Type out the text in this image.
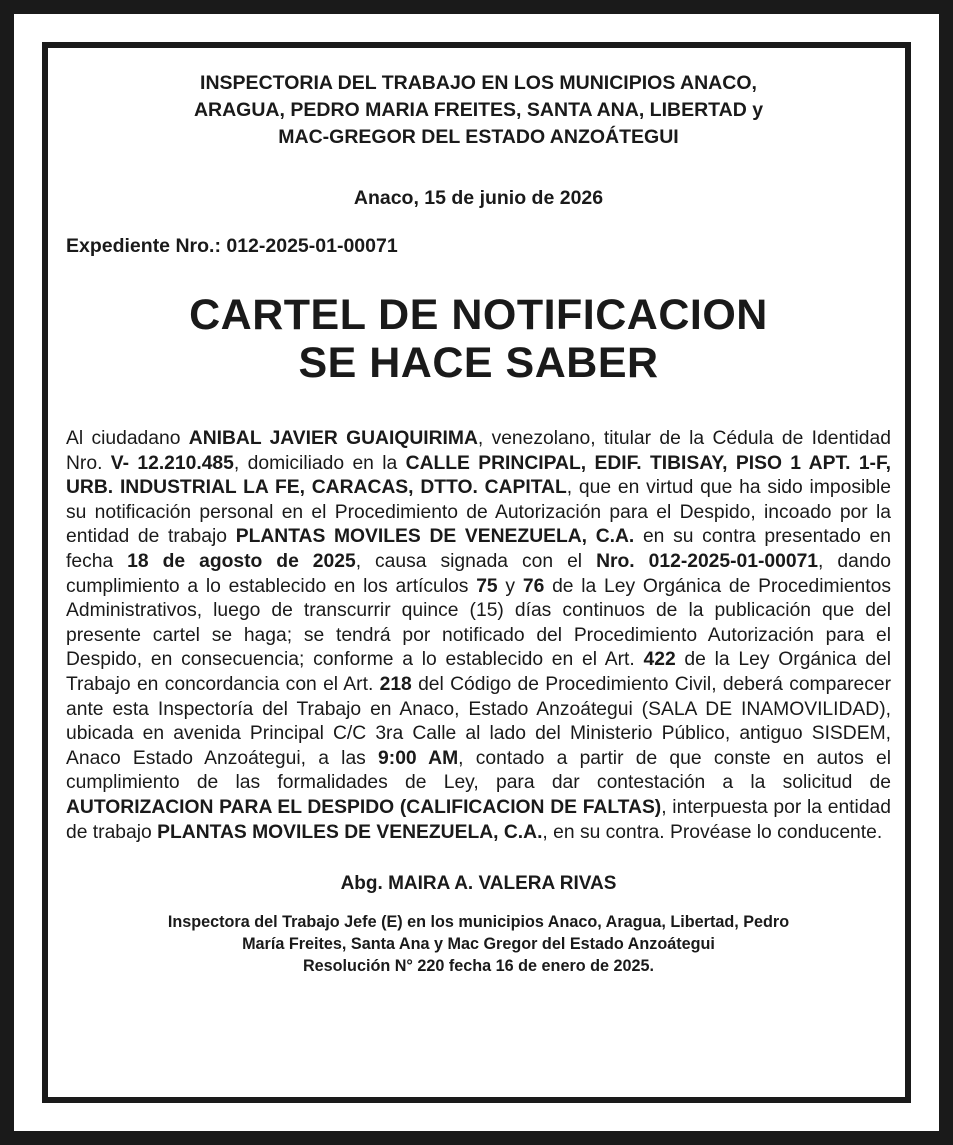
INSPECTORIA DEL TRABAJO EN LOS MUNICIPIOS ANACO,
ARAGUA, PEDRO MARIA FREITES, SANTA ANA, LIBERTAD y
MAC-GREGOR DEL ESTADO ANZOÁTEGUI
Anaco, 15 de junio de 2026
Expediente Nro.: 012-2025-01-00071
CARTEL DE NOTIFICACION
SE HACE SABER
Al ciudadano ANIBAL JAVIER GUAIQUIRIMA, venezolano, titular de la Cédula de Identidad Nro. V- 12.210.485, domiciliado en la CALLE PRINCIPAL, EDIF. TIBISAY, PISO 1 APT. 1-F, URB. INDUSTRIAL LA FE, CARACAS, DTTO. CAPITAL, que en virtud que ha sido imposible su notificación personal en el Procedimiento de Autorización para el Despido, incoado por la entidad de trabajo PLANTAS MOVILES DE VENEZUELA, C.A. en su contra presentado en fecha 18 de agosto de 2025, causa signada con el Nro. 012-2025-01-00071, dando cumplimiento a lo establecido en los artículos 75 y 76 de la Ley Orgánica de Procedimientos Administrativos, luego de transcurrir quince (15) días continuos de la publicación que del presente cartel se haga; se tendrá por notificado del Procedimiento Autorización para el Despido, en consecuencia; conforme a lo establecido en el Art. 422 de la Ley Orgánica del Trabajo en concordancia con el Art. 218 del Código de Procedimiento Civil, deberá comparecer ante esta Inspectoría del Trabajo en Anaco, Estado Anzoátegui (SALA DE INAMOVILIDAD), ubicada en avenida Principal C/C 3ra Calle al lado del Ministerio Público, antiguo SISDEM, Anaco Estado Anzoátegui, a las 9:00 AM, contado a partir de que conste en autos el cumplimiento de las formalidades de Ley, para dar contestación a la solicitud de AUTORIZACION PARA EL DESPIDO (CALIFICACION DE FALTAS), interpuesta por la entidad de trabajo PLANTAS MOVILES DE VENEZUELA, C.A., en su contra. Provéase lo conducente.
Abg. MAIRA A. VALERA RIVAS
Inspectora del Trabajo Jefe (E) en los municipios Anaco, Aragua, Libertad, Pedro
María Freites, Santa Ana y Mac Gregor del Estado Anzoátegui
Resolución N° 220 fecha 16 de enero de 2025.
